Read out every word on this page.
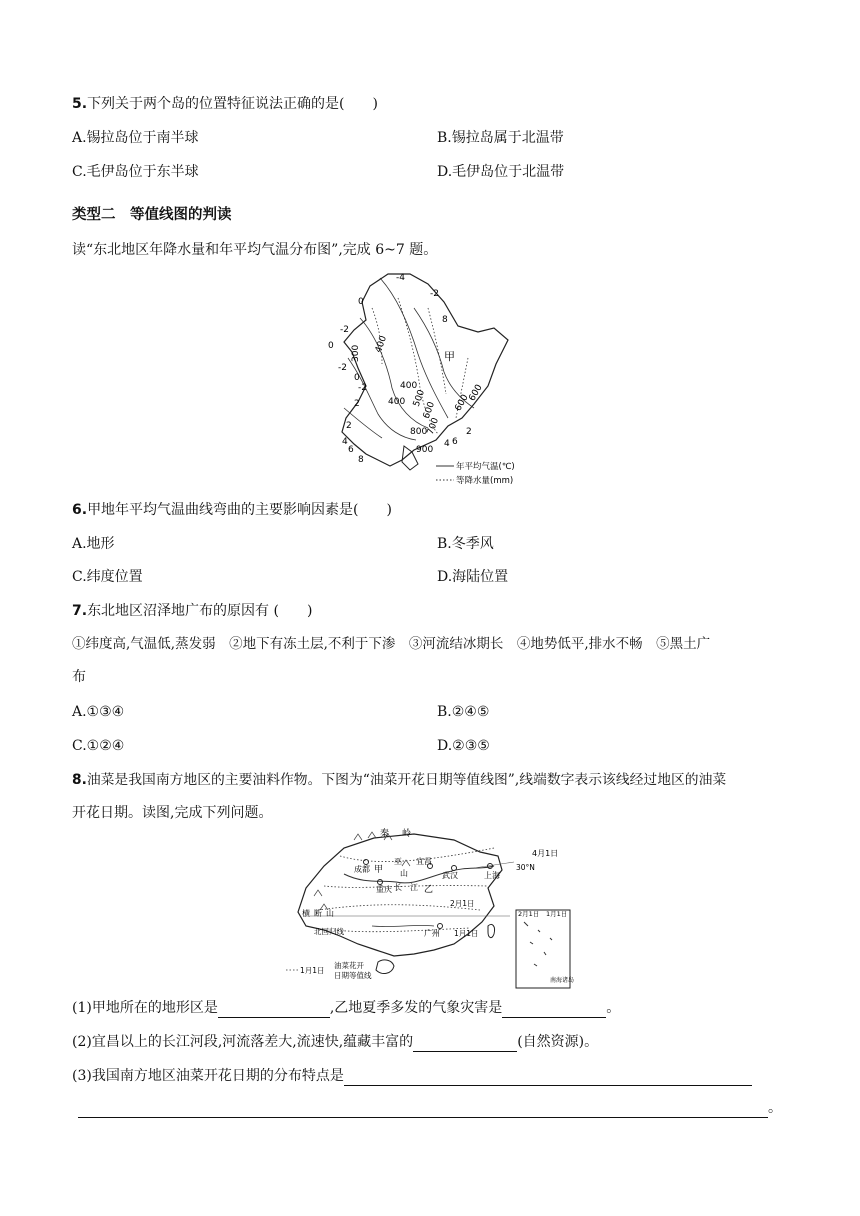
5.下列关于两个岛的位置特征说法正确的是(　　)
A.锡拉岛位于南半球	B.锡拉岛属于北温带
C.毛伊岛位于东半球	D.毛伊岛位于北温带
类型二　等值线图的判读
读“东北地区年降水量和年平均气温分布图”,完成 6~7 题。
-4
-2
0
-2
0
-2
0
-2
2
2
4
6
8
6
4
2
8
300 400
400
400 500
600
700
800
900
600
600
甲
年平均气温(℃)
等降水量(mm)
6.甲地年平均气温曲线弯曲的主要影响因素是(　　)
A.地形	B.冬季风
C.纬度位置	D.海陆位置
7.东北地区沼泽地广布的原因有 (　　)
①纬度高,气温低,蒸发弱　②地下有冻土层,不利于下渗　③河流结冰期长　④地势低平,排水不畅　⑤黑土广
布
A.①③④	B.②④⑤
C.①②④	D.②③⑤
8.油菜是我国南方地区的主要油料作物。下图为“油菜开花日期等值线图”,线端数字表示该线经过地区的油菜
开花日期。读图,完成下列问题。
秦 岭
成都 甲
巫 宜昌
武汉	上海
4月1日
30°N
重庆	乙
山
江
长
横 断 山
2月1日
北回归线	广州 1月1日
油菜花开
日期等值线
2月1日 1月1日
南海诸岛
1月1日
(1)甲地所在的地形区是	,乙地夏季多发的气象灾害是	。
(2)宜昌以上的长江河段,河流落差大,流速快,蕴藏丰富的	(自然资源)。
(3)我国南方地区油菜开花日期的分布特点是
。
